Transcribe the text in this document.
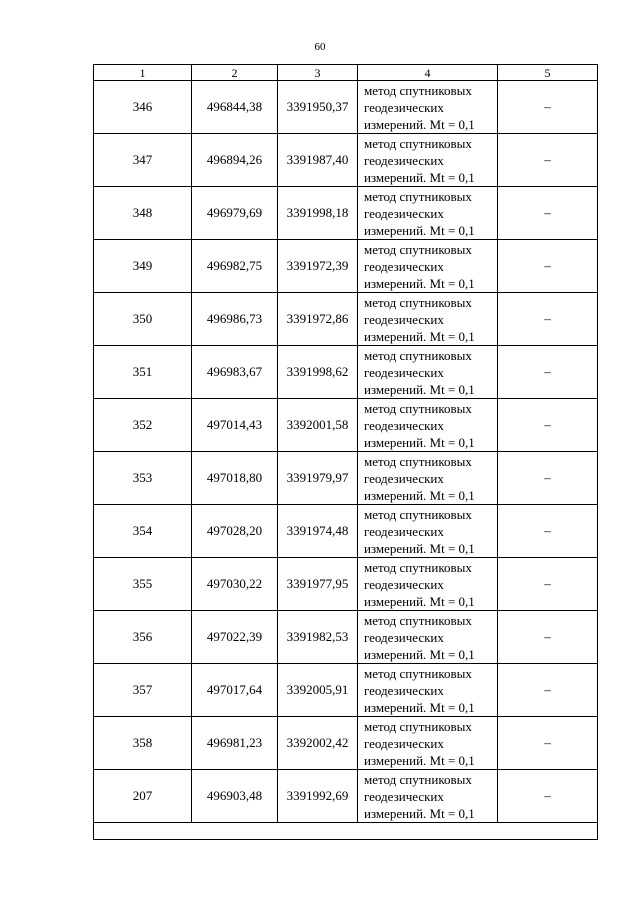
60
1	2	3	4	5
346	496844,38	3391950,37	метод спутниковых
геодезических
измерений. Mt = 0,1	–
347	496894,26	3391987,40	метод спутниковых
геодезических
измерений. Mt = 0,1	–
348	496979,69	3391998,18	метод спутниковых
геодезических
измерений. Mt = 0,1	–
349	496982,75	3391972,39	метод спутниковых
геодезических
измерений. Mt = 0,1	–
350	496986,73	3391972,86	метод спутниковых
геодезических
измерений. Mt = 0,1	–
351	496983,67	3391998,62	метод спутниковых
геодезических
измерений. Mt = 0,1	–
352	497014,43	3392001,58	метод спутниковых
геодезических
измерений. Mt = 0,1	–
353	497018,80	3391979,97	метод спутниковых
геодезических
измерений. Mt = 0,1	–
354	497028,20	3391974,48	метод спутниковых
геодезических
измерений. Mt = 0,1	–
355	497030,22	3391977,95	метод спутниковых
геодезических
измерений. Mt = 0,1	–
356	497022,39	3391982,53	метод спутниковых
геодезических
измерений. Mt = 0,1	–
357	497017,64	3392005,91	метод спутниковых
геодезических
измерений. Mt = 0,1	–
358	496981,23	3392002,42	метод спутниковых
геодезических
измерений. Mt = 0,1	–
207	496903,48	3391992,69	метод спутниковых
геодезических
измерений. Mt = 0,1	–
